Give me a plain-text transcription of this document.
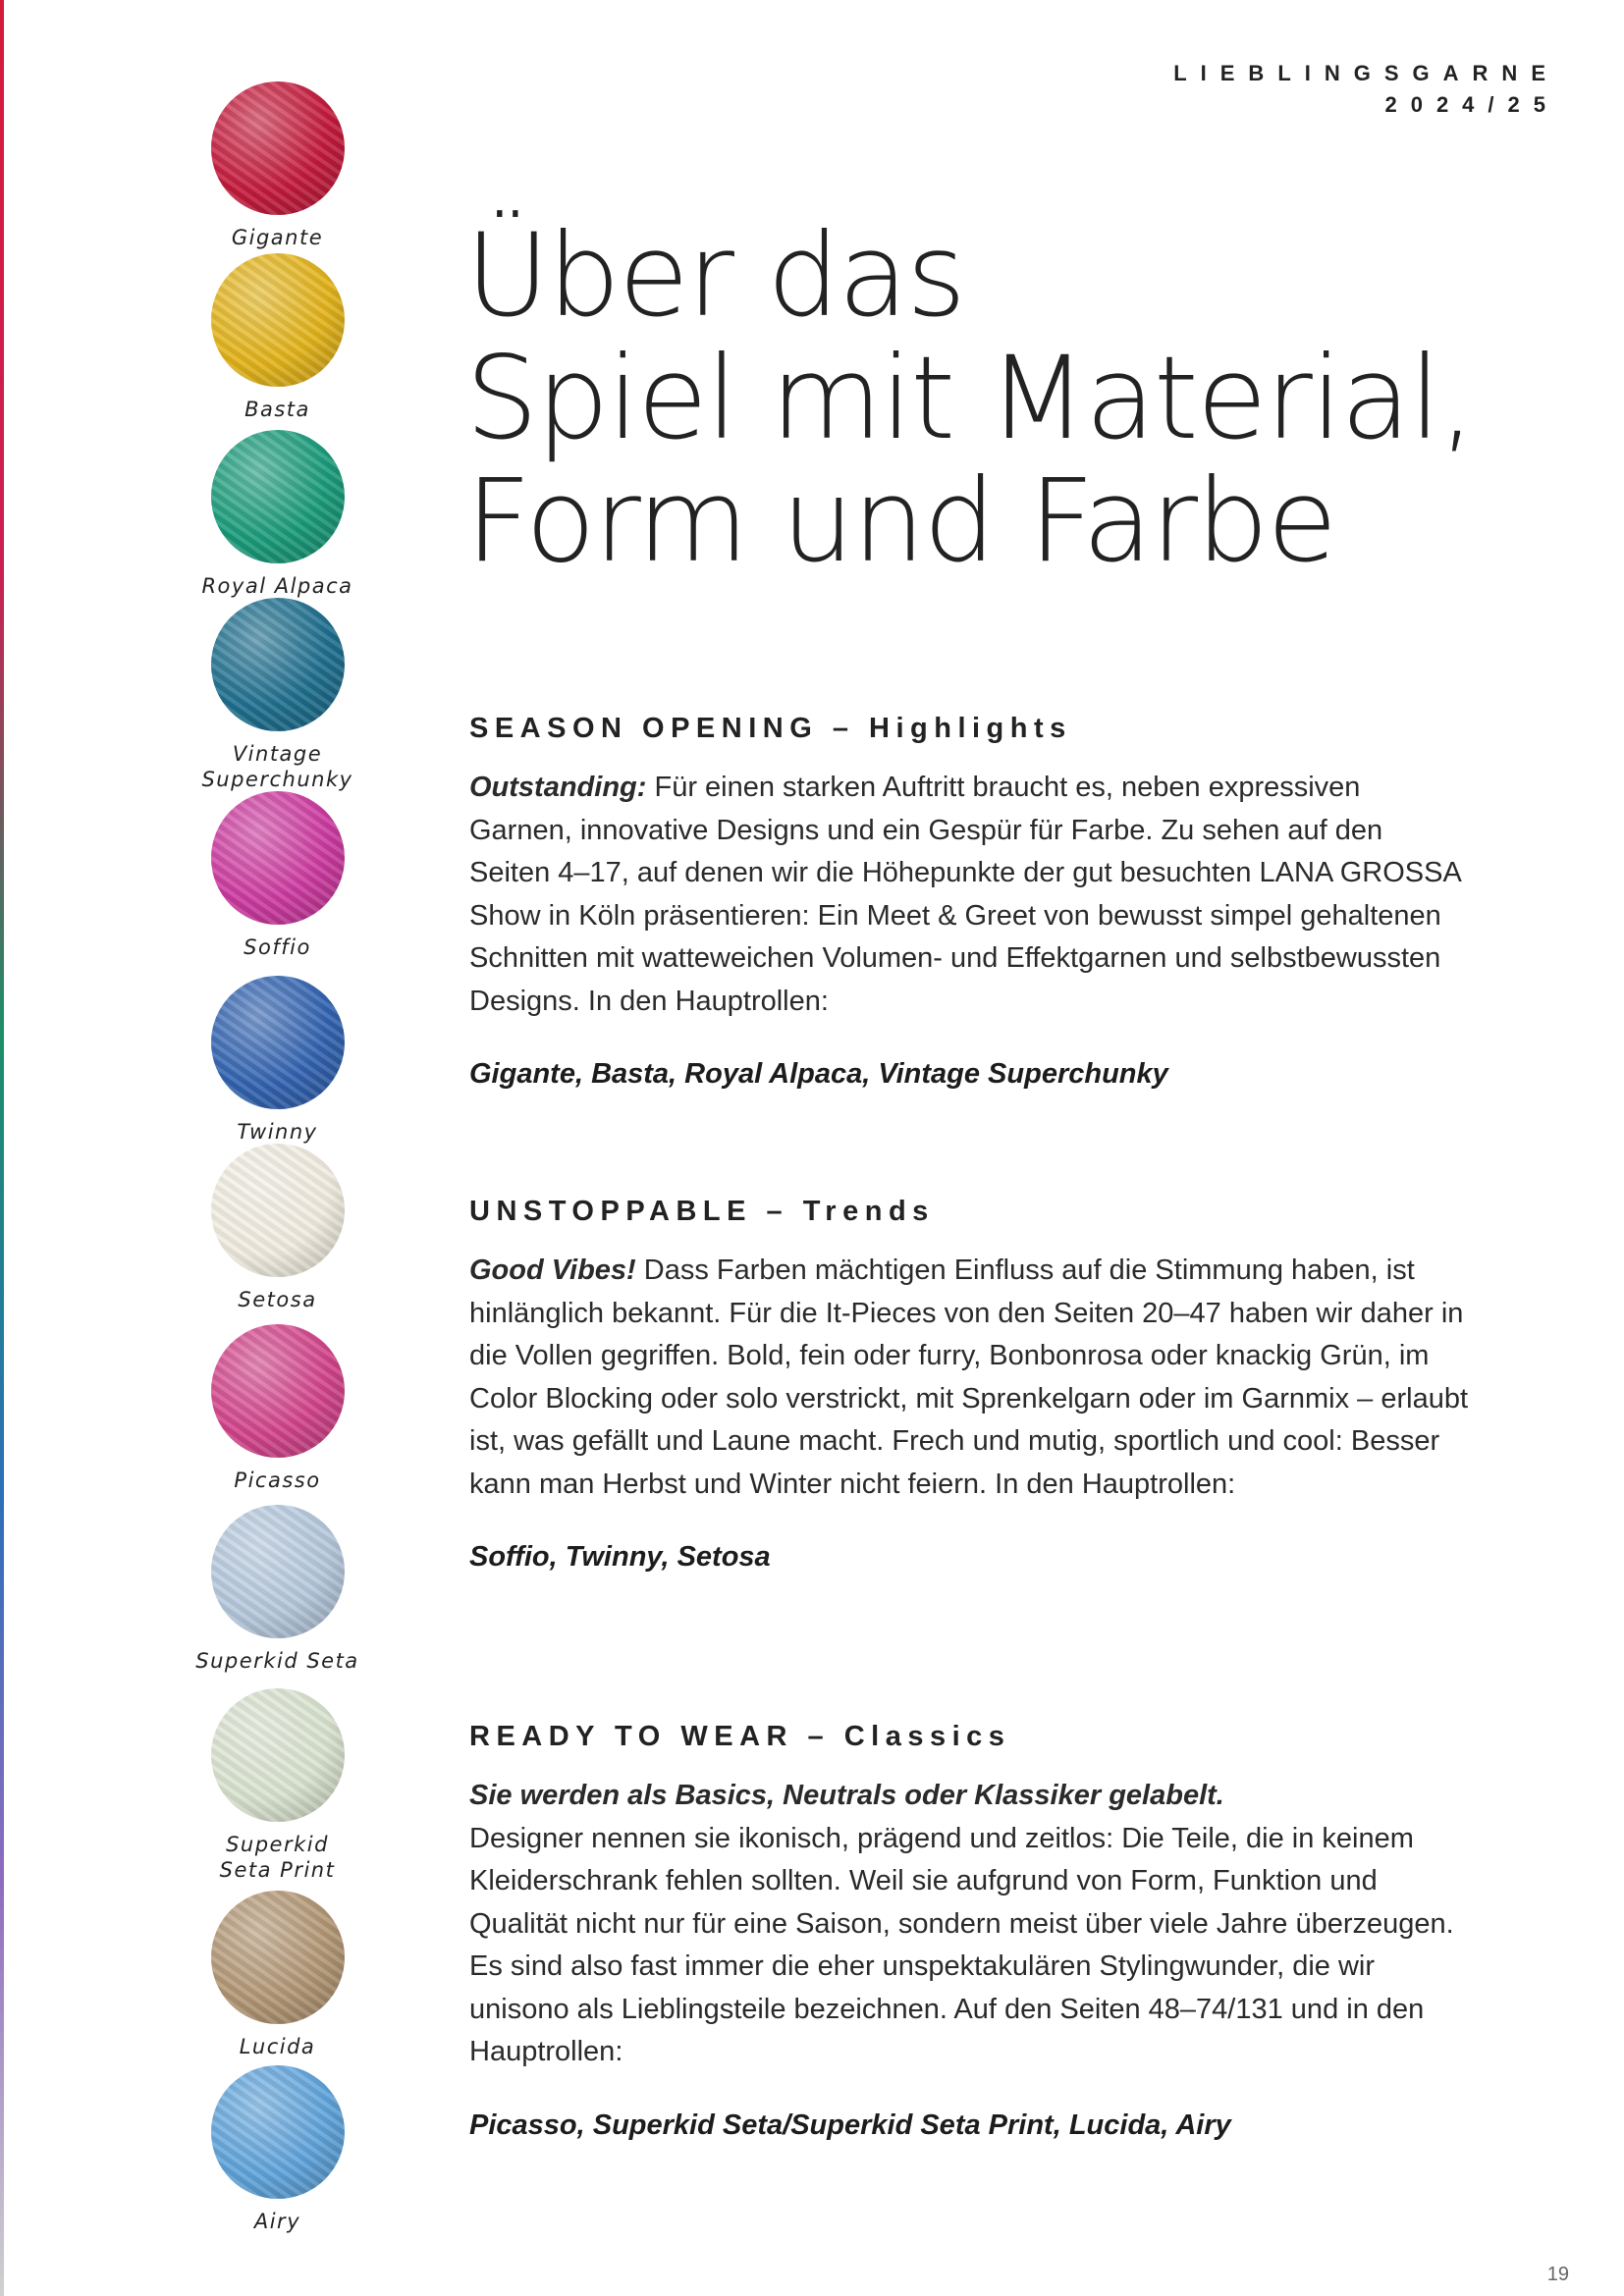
LIEBLINGSGARNE
2024/25
Gigante
Basta
Royal Alpaca
Vintage Superchunky
Soffio
Twinny
Setosa
Picasso
Superkid Seta
Superkid Seta Print
Lucida
Airy
Über das
Spiel mit Material,
Form und Farbe
SEASON OPENING – Highlights
Outstanding: Für einen starken Auftritt braucht es, neben expressiven Garnen, innovative Designs und ein Gespür für Farbe. Zu sehen auf den Seiten 4–17, auf denen wir die Höhepunkte der gut besuchten LANA GROSSA Show in Köln präsentieren: Ein Meet & Greet von bewusst simpel gehaltenen Schnitten mit watteweichen Volumen- und Effektgarnen und selbstbewussten Designs. In den Hauptrollen:
Gigante, Basta, Royal Alpaca, Vintage Superchunky
UNSTOPPABLE – Trends
Good Vibes! Dass Farben mächtigen Einfluss auf die Stimmung haben, ist hinlänglich bekannt. Für die It-Pieces von den Seiten 20–47 haben wir daher in die Vollen gegriffen. Bold, fein oder furry, Bonbonrosa oder knackig Grün, im Color Blocking oder solo verstrickt, mit Sprenkelgarn oder im Garnmix – erlaubt ist, was gefällt und Laune macht. Frech und mutig, sportlich und cool: Besser kann man Herbst und Winter nicht feiern. In den Hauptrollen:
Soffio, Twinny, Setosa
READY TO WEAR – Classics
Sie werden als Basics, Neutrals oder Klassiker gelabelt.
Designer nennen sie ikonisch, prägend und zeitlos: Die Teile, die in keinem Kleiderschrank fehlen sollten. Weil sie aufgrund von Form, Funktion und Qualität nicht nur für eine Saison, sondern meist über viele Jahre überzeugen. Es sind also fast immer die eher unspektakulären Stylingwunder, die wir unisono als Lieblingsteile bezeichnen. Auf den Seiten 48–74/131 und in den Hauptrollen:
Picasso, Superkid Seta/Superkid Seta Print, Lucida, Airy
19
